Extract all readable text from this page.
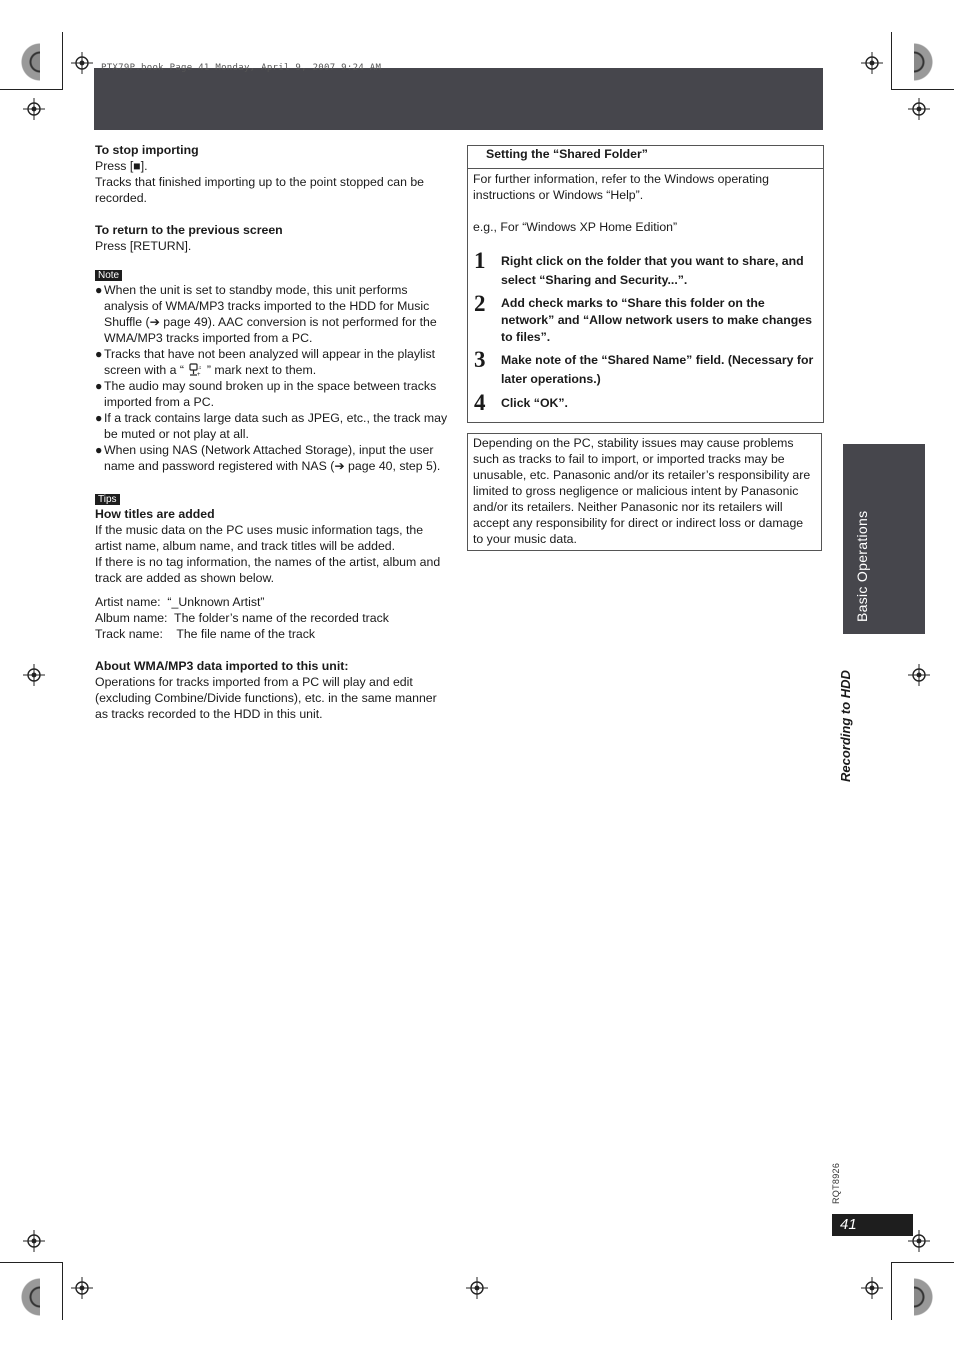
PTX79P.book Page 41 Monday, April 9, 2007 9:24 AM

To stop importing

Press [■].

Tracks that finished importing up to the point stopped can be recorded.

To return to the previous screen

Press [RETURN].

Note
● When the unit is set to standby mode, this unit performs analysis of WMA/MP3 tracks imported to the HDD for Music Shuffle (➔ page 49). AAC conversion is not performed for the WMA/MP3 tracks imported from a PC.
● Tracks that have not been analyzed will appear in the playlist screen with a “	♫
+ ” mark next to them.
● The audio may sound broken up in the space between tracks imported from a PC.
● If a track contains large data such as JPEG, etc., the track may be muted or not play at all.
● When using NAS (Network Attached Storage), input the user name and password registered with NAS (➔ page 40, step 5).
Tips

How titles are added

If the music data on the PC uses music information tags, the artist name, album name, and track titles will be added.

If there is no tag information, the names of the artist, album and track are added as shown below.

Artist name:  “_Unknown Artist”

Album name:  The folder’s name of the recorded track

Track name:    The file name of the track

About WMA/MP3 data imported to this unit:

Operations for tracks imported from a PC will play and edit (excluding Combine/Divide functions), etc. in the same manner as tracks recorded to the HDD in this unit.

Setting the “Shared Folder”

For further information, refer to the Windows operating instructions or Windows “Help”.

e.g., For “Windows XP Home Edition”

1 Right click on the folder that you want to share, and select “Sharing and Security...”.
2 Add check marks to “Share this folder on the network” and “Allow network users to make changes to files”.
3 Make note of the “Shared Name” field. (Necessary for later operations.)
4 Click “OK”.

Depending on the PC, stability issues may cause problems such as tracks to fail to import, or imported tracks may be unusable, etc. Panasonic and/or its retailer’s responsibility are limited to gross negligence or malicious intent by Panasonic and/or its retailers. Neither Panasonic nor its retailers will accept any responsibility for direct or indirect loss or damage to your music data.	Basic Operations
Recording to HDD
RQT8926
41
